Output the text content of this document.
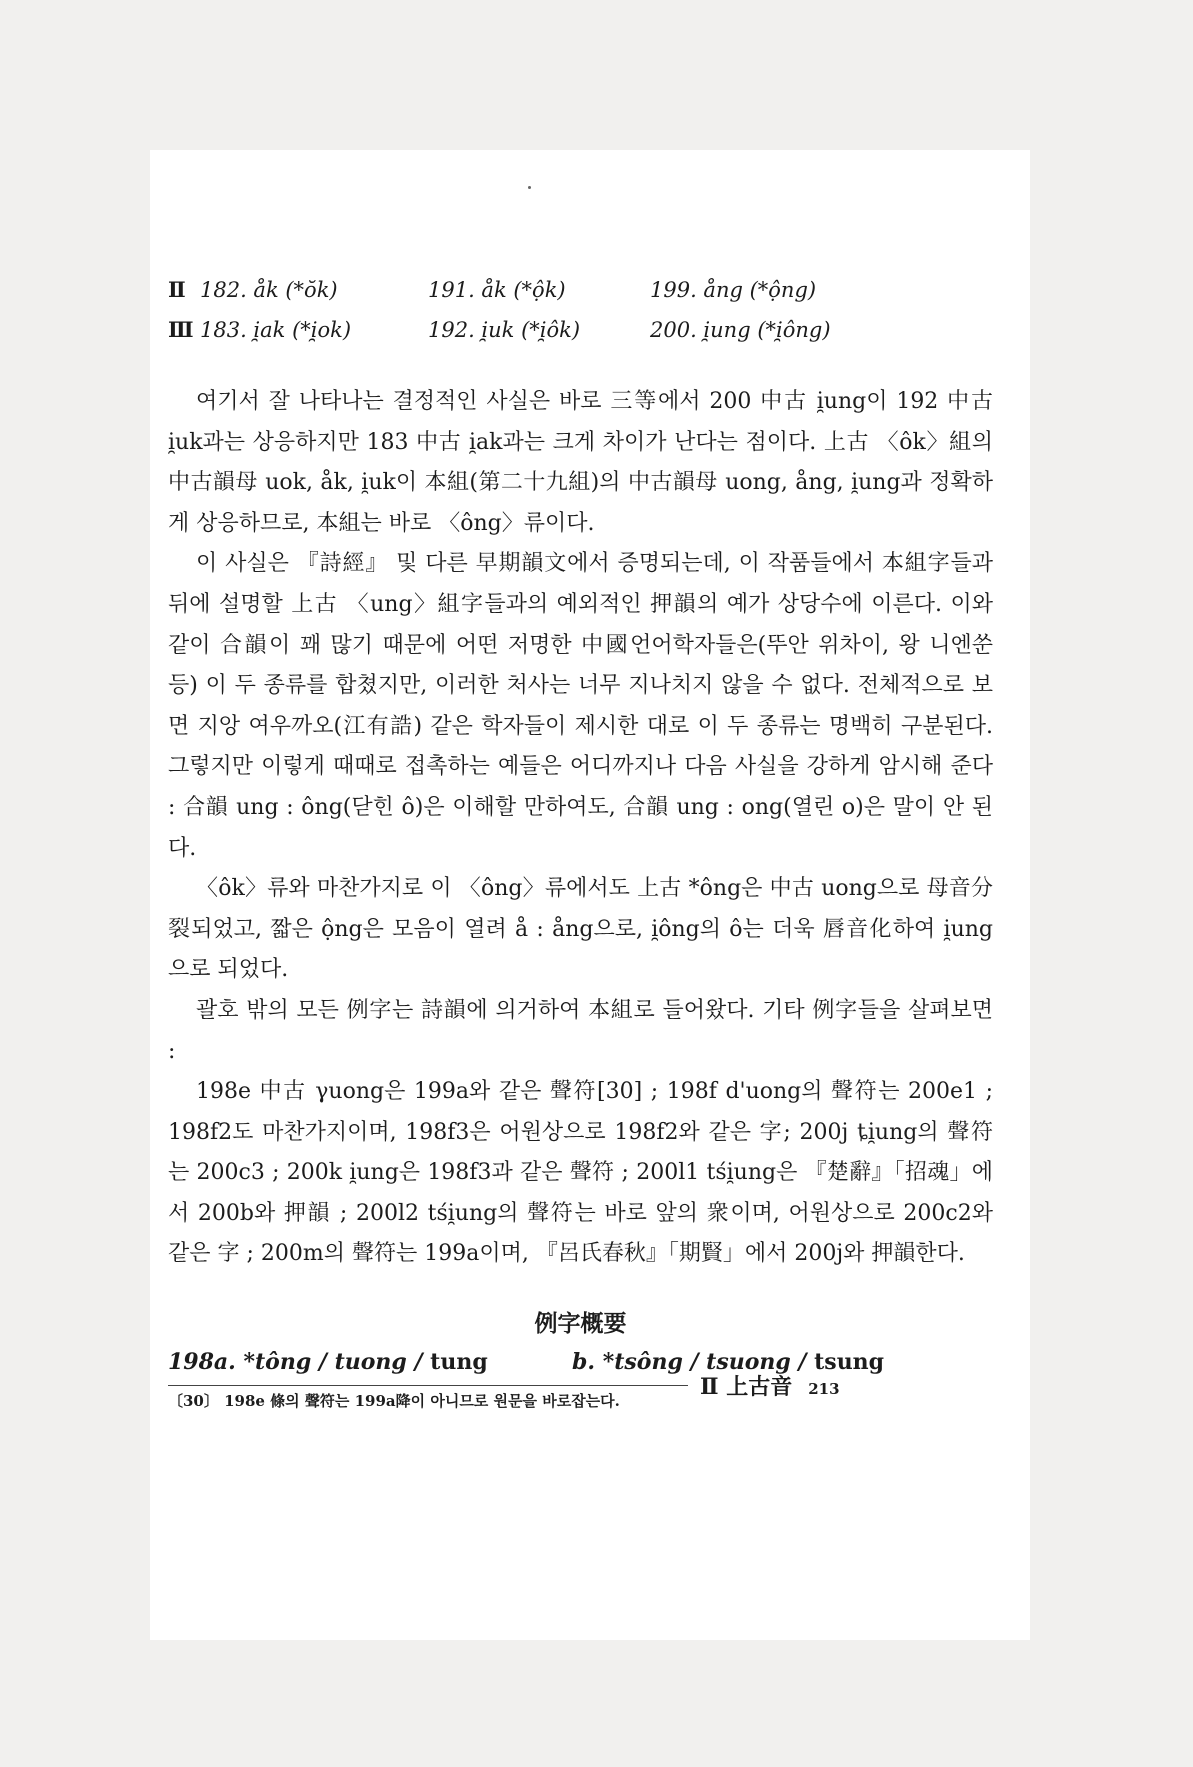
Ⅱ 182. åk (*ŏk)	191. åk (*ộk)	199. ång (*ộng)
Ⅲ 183. i̯ak (*i̯ok)	192. i̯uk (*i̯ôk)	200. i̯ung (*i̯ông)

여기서 잘 나타나는 결정적인 사실은 바로 三等에서 200 中古 i̯ung이 192 中古 i̯uk과는 상응하지만 183 中古 i̯ak과는 크게 차이가 난다는 점이다. 上古 〈ôk〉組의 中古韻母 uok, åk, i̯uk이 本組(第二十九組)의 中古韻母 uong, ång, i̯ung과 정확하게 상응하므로, 本組는 바로 〈ông〉류이다.

이 사실은 『詩經』 및 다른 早期韻文에서 증명되는데, 이 작품들에서 本組字들과 뒤에 설명할 上古 〈ung〉組字들과의 예외적인 押韻의 예가 상당수에 이른다. 이와 같이 合韻이 꽤 많기 때문에 어떤 저명한 中國언어학자들은(뚜안 위차이, 왕 니엔쑨 등) 이 두 종류를 합쳤지만, 이러한 처사는 너무 지나치지 않을 수 없다. 전체적으로 보면 지앙 여우까오(江有誥) 같은 학자들이 제시한 대로 이 두 종류는 명백히 구분된다. 그렇지만 이렇게 때때로 접촉하는 예들은 어디까지나 다음 사실을 강하게 암시해 준다 : 合韻 ung : ông(닫힌 ô)은 이해할 만하여도, 合韻 ung : ong(열린 o)은 말이 안 된다.

〈ôk〉류와 마찬가지로 이 〈ông〉류에서도 上古 *ông은 中古 uong으로 母音分裂되었고, 짧은 ộng은 모음이 열려 å : ång으로, i̯ông의 ô는 더욱 唇音化하여 i̯ung으로 되었다.

괄호 밖의 모든 例字는 詩韻에 의거하여 本組로 들어왔다. 기타 例字들을 살펴보면 :

198e 中古 γuong은 199a와 같은 聲符[30] ; 198f d'uong의 聲符는 200e1 ; 198f2도 마찬가지이며, 198f3은 어원상으로 198f2와 같은 字; 200j ȶi̯ung의 聲符는 200c3 ; 200k i̯ung은 198f3과 같은 聲符 ; 200l1 tśi̯ung은 『楚辭』「招魂」에서 200b와 押韻 ; 200l2 tśi̯ung의 聲符는 바로 앞의 衆이며, 어원상으로 200c2와 같은 字 ; 200m의 聲符는 199a이며, 『呂氏春秋』「期賢」에서 200j와 押韻한다.

例字概要
198a. *tông / tuong / tung	b. *tsông / tsuong / tsung
〔30〕 198e 條의 聲符는 199a降이 아니므로 원문을 바로잡는다.
Ⅱ 上古音 213
